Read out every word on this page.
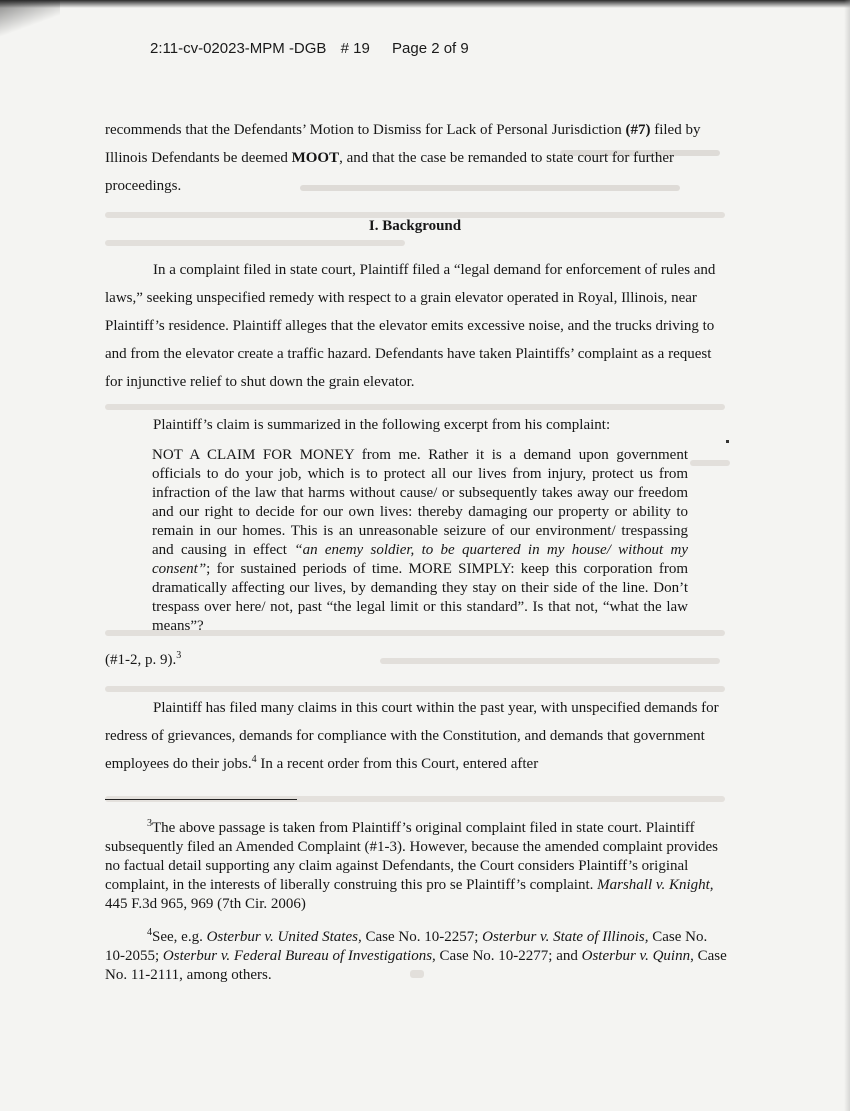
2:11-cv-02023-MPM -DGB # 19 Page 2 of 9

recommends that the Defendants’ Motion to Dismiss for Lack of Personal Jurisdiction (#7) filed by Illinois Defendants be deemed MOOT, and that the case be remanded to state court for further proceedings.

I. Background

In a complaint filed in state court, Plaintiff filed a “legal demand for enforcement of rules and laws,” seeking unspecified remedy with respect to a grain elevator operated in Royal, Illinois, near Plaintiff’s residence. Plaintiff alleges that the elevator emits excessive noise, and the trucks driving to and from the elevator create a traffic hazard. Defendants have taken Plaintiffs’ complaint as a request for injunctive relief to shut down the grain elevator.

Plaintiff’s claim is summarized in the following excerpt from his complaint:

NOT A CLAIM FOR MONEY from me. Rather it is a demand upon government officials to do your job, which is to protect all our lives from injury, protect us from infraction of the law that harms without cause/ or subsequently takes away our freedom and our right to decide for our own lives: thereby damaging our property or ability to remain in our homes. This is an unreasonable seizure of our environment/ trespassing and causing in effect “an enemy soldier, to be quartered in my house/ without my consent”; for sustained periods of time. MORE SIMPLY: keep this corporation from dramatically affecting our lives, by demanding they stay on their side of the line. Don’t trespass over here/ not, past “the legal limit or this standard”. Is that not, “what the law means”?

(#1-2, p. 9).$^3$

Plaintiff has filed many claims in this court within the past year, with unspecified demands for redress of grievances, demands for compliance with the Constitution, and demands that government employees do their jobs.$^4$ In a recent order from this Court, entered after

$^3$The above passage is taken from Plaintiff’s original complaint filed in state court. Plaintiff subsequently filed an Amended Complaint (#1-3). However, because the amended complaint provides no factual detail supporting any claim against Defendants, the Court considers Plaintiff’s original complaint, in the interests of liberally construing this pro se Plaintiff’s complaint. Marshall v. Knight, 445 F.3d 965, 969 (7th Cir. 2006)

$^4$See, e.g. Osterbur v. United States, Case No. 10-2257; Osterbur v. State of Illinois, Case No. 10-2055; Osterbur v. Federal Bureau of Investigations, Case No. 10-2277; and Osterbur v. Quinn, Case No. 11-2111, among others.
